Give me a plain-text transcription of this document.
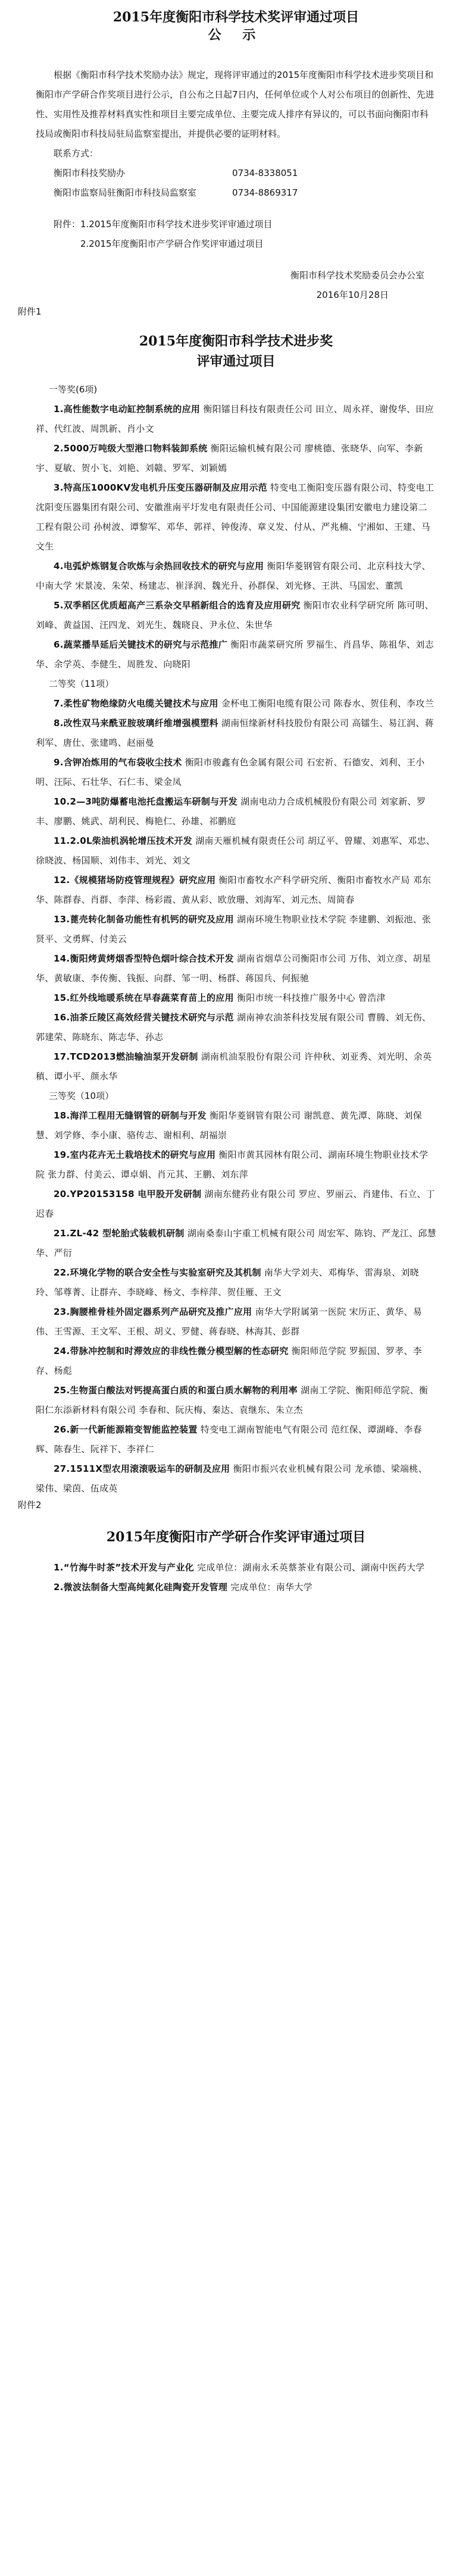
2015年度衡阳市科学技术奖评审通过项目
公 示

根据《衡阳市科学技术奖励办法》规定，现将评审通过的2015年度衡阳市科学技术进步奖项目和衡阳市产学研合作奖项目进行公示，自公布之日起7日内，任何单位或个人对公布项目的创新性、先进性、实用性及推荐材料真实性和项目主要完成单位、主要完成人排序有异议的，可以书面向衡阳市科技局或衡阳市科技局驻局监察室提出，并提供必要的证明材料。

联系方式：

衡阳市科技奖励办	0734-8338051
衡阳市监察局驻衡阳市科技局监察室	0734-8869317

附件：1.2015年度衡阳市科学技术进步奖评审通过项目

2.2015年度衡阳市产学研合作奖评审通过项目

衡阳市科学技术奖励委员会办公室

2016年10月28日

附件1

2015年度衡阳市科学技术进步奖
评审通过项目

一等奖(6项)

1.高性能数字电动缸控制系统的应用 衡阳镭目科技有限责任公司 田立、周永祥、谢俊华、田应祥、代红波、周凯新、肖小文

2.5000万吨级大型港口物料装卸系统 衡阳运输机械有限公司 廖桃德、张晓华、向军、李新宇、夏敏、贺小飞、刘艳、刘赣、罗军、刘颖嫣

3.特高压1000KV发电机升压变压器研制及应用示范 特变电工衡阳变压器有限公司、特变电工沈阳变压器集团有限公司、安徽淮南平圩发电有限责任公司、中国能源建设集团安徽电力建设第二工程有限公司 孙树波、谭黎军、邓华、郭祥、钟俊涛、章义发、付从、严兆楠、宁湘如、王建、马文生

4.电弧炉炼钢复合吹炼与余热回收技术的研究与应用 衡阳华菱钢管有限公司、北京科技大学、中南大学 宋景凌、朱荣、杨建志、崔泽润、魏光升、孙群保、刘光修、王洪、马国宏、董凯

5.双季稻区优质超高产三系杂交早稻新组合的选育及应用研究 衡阳市农业科学研究所 陈可明、刘峰、黄益国、汪四龙、刘光生、魏晓良、尹永位、朱世华

6.蔬菜播旱延后关键技术的研究与示范推广 衡阳市蔬菜研究所 罗福生、肖昌华、陈祖华、刘志华、余学英、李健生、周胜发、向晓阳

二等奖（11项）

7.柔性矿物绝缘防火电缆关键技术与应用 金杯电工衡阳电缆有限公司 陈春水、贺佳利、李攻兰

8.改性双马来酰亚胺玻璃纤维增强模塑料 湖南恒缘新材科技股份有限公司 高镭生、易江润、蒋利军、唐仕、张建鸣、赵丽曼

9.含钾冶炼用的气布袋收尘技术 衡阳市骏鑫有色金属有限公司 石宏祈、石德安、刘利、王小明、汪际、石壮华、石仁韦、梁金凤

10.2—3吨防爆蓄电池托盘搬运车研制与开发 湖南电动力合成机械股份有限公司 刘家新、罗丰、廖鹏、姚武、胡利民、梅艳仁、孙雄、祁鹏庭

11.2.0L柴油机涡轮增压技术开发 湖南天雁机械有限责任公司 胡辽平、曾耀、刘惠军、邓忠、徐晓波、杨国顺、刘伟丰、刘光、刘文

12.《规模猪场防疫管理规程》研究应用 衡阳市畜牧水产科学研究所、衡阳市畜牧水产局 邓东华、陈群春、肖群、李萍、杨彩霞、黄从彩、欧放珊、刘海军、刘元杰、周简春

13.蓖壳转化制备功能性有机钙的研究及应用 湖南环境生物职业技术学院 李建鹏、刘振池、张贤平、文勇辉、付美云

14.衡阳烤黄烤烟香型特色烟叶综合技术开发 湖南省烟草公司衡阳市公司 万伟、刘立彦、胡星华、黄敏康、李传衡、钱振、向群、邹一明、杨群、蒋国兵、何振驰

15.红外线地暖系统在早春蔬菜育苗上的应用 衡阳市统一科技推广服务中心 曾浩津

16.油茶丘陵区高效经营关键技术研究与示范 湖南神农油茶科技发展有限公司 曹腾、刘无伤、郭建荣、陈晓东、陈志华、孙志

17.TCD2013燃油输油泵开发研制 湖南机油泵股份有限公司 许仲秋、刘亚秀、刘光明、余英稹、谭小平、颜永华

三等奖（10项）

18.海洋工程用无缝钢管的研制与开发 衡阳华菱钢管有限公司 谢凯意、黄先潭、陈晓、刘保慧、刘学修、李小康、骆传志、谢相利、胡福崇

19.室内花卉无土栽培技术的研究与应用 衡阳市黄其园林有限公司、湖南环境生物职业技术学院 张力群、付美云、谭卓娟、肖元其、王鹏、刘东萍

20.YP20153158 电甲股开发研制 湖南东健药业有限公司 罗应、罗丽云、肖建伟、石立、丁迟春

21.ZL-42 型轮胎式装载机研制 湖南桑泰山宇重工机械有限公司 周宏军、陈钧、严龙江、邱慧华、严衍

22.环境化学物的联合安全性与实验室研究及其机制 南华大学刘夫、邓梅华、雷海泉、刘晓玲、邹尊菁、让群卉、李晓峰、杨文、李梓萍、贺佳雁、王文

23.胸腰椎骨桂外固定器系列产品研究及推广应用 南华大学附属第一医院 宋历正、黄华、易伟、王雪源、王文军、王根、胡义、罗健、蒋春晓、林海其、彭群

24.带脉冲控制和时滞效应的非线性微分模型解的性态研究 衡阳师范学院 罗振国、罗孝、李存、杨彪

25.生物蛋白酸法对钙提高蛋白质的和蛋白质水解物的利用率 湖南工学院、衡阳师范学院、衡阳仁东添新材料有限公司 李春和、阮庆梅、秦达、袁继东、朱立杰

26.新一代新能源箱变智能监控装置 特变电工湖南智能电气有限公司 范红保、谭湖峰、李春辉、陈春生、阮祥下、李祥仁

27.1511X型农用滚滚吸运车的研制及应用 衡阳市振兴农业机械有限公司 龙承德、梁端桃、梁伟、梁茵、伍成英

附件2

2015年度衡阳市产学研合作奖评审通过项目

1.“竹海牛时茶”技术开发与产业化 完成单位：湖南永禾英蔡茶业有限公司、湖南中医药大学

2.微波法制备大型高纯氮化硅陶瓷开发管理 完成单位：南华大学
